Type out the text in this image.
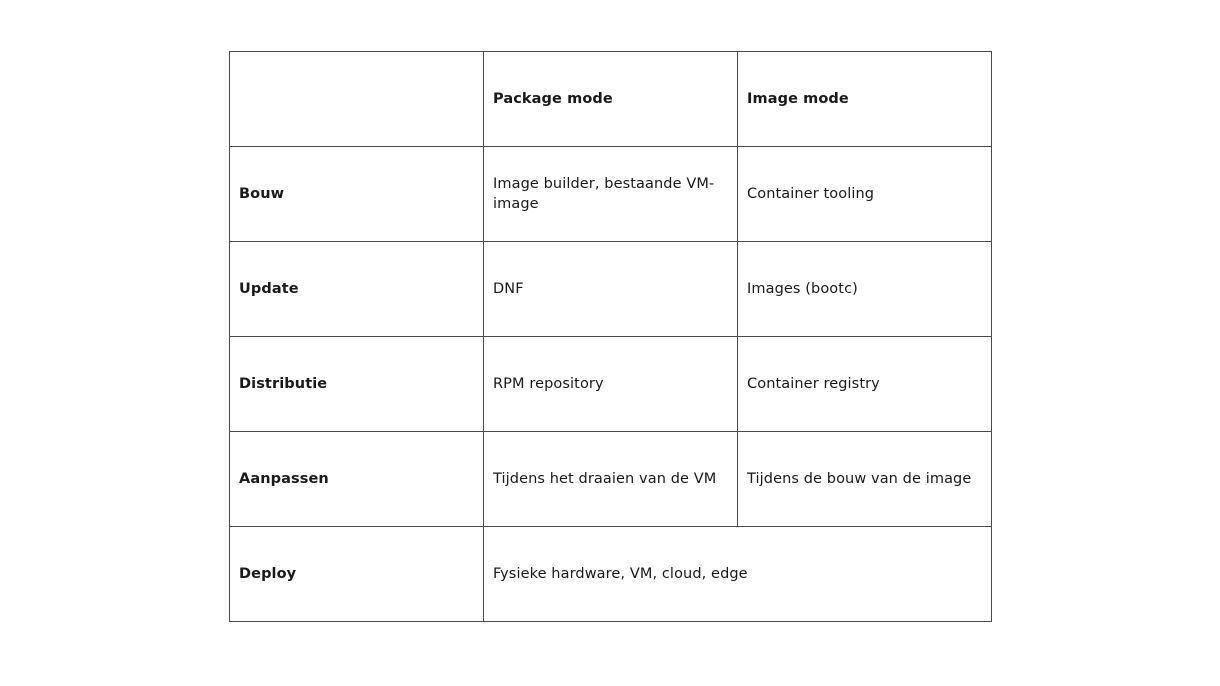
	Package mode	Image mode
Bouw	Image builder, bestaande VM-image	Container tooling
Update	DNF	Images (bootc)
Distributie	RPM repository	Container registry
Aanpassen	Tijdens het draaien van de VM	Tijdens de bouw van de image
Deploy	Fysieke hardware, VM, cloud, edge	
